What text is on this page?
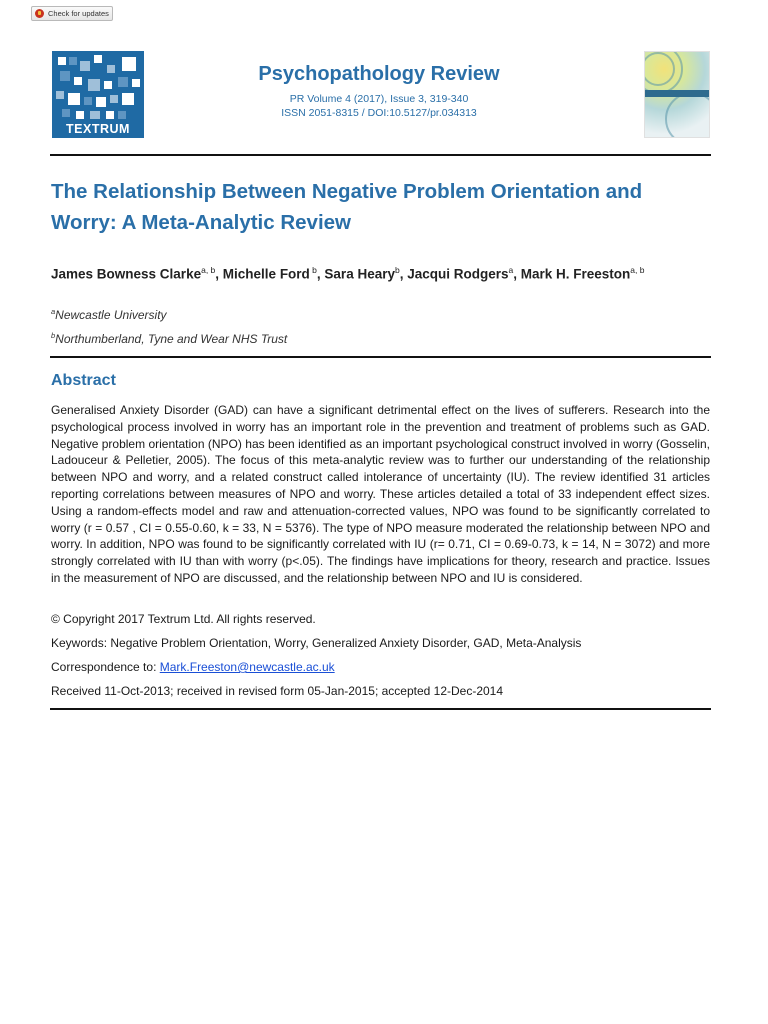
Check for updates
TEXTRUM
Psychopathology Review
PR Volume 4 (2017), Issue 3, 319-340
ISSN 2051-8315 / DOI:10.5127/pr.034313
The Relationship Between Negative Problem Orientation and Worry: A Meta-Analytic Review

James Bowness Clarke$^{a, b}$, Michelle Ford $^b$, Sara Heary$^b$, Jacqui Rodgers$^a$, Mark H. Freeston$^{a, b}$

$^a$Newcastle University

$^b$Northumberland, Tyne and Wear NHS Trust

Abstract

Generalised Anxiety Disorder (GAD) can have a significant detrimental effect on the lives of sufferers. Research into the psychological process involved in worry has an important role in the prevention and treatment of problems such as GAD. Negative problem orientation (NPO) has been identified as an important psychological construct involved in worry (Gosselin, Ladouceur & Pelletier, 2005). The focus of this meta-analytic review was to further our understanding of the relationship between NPO and worry, and a related construct called intolerance of uncertainty (IU). The review identified 31 articles reporting correlations between measures of NPO and worry. These articles detailed a total of 33 independent effect sizes. Using a random-effects model and raw and attenuation-corrected values, NPO was found to be significantly correlated to worry (r = 0.57 , CI = 0.55-0.60, k = 33, N = 5376). The type of NPO measure moderated the relationship between NPO and worry. In addition, NPO was found to be significantly correlated with IU (r= 0.71, CI = 0.69-0.73, k = 14, N = 3072) and more strongly correlated with IU than with worry (p<.05). The findings have implications for theory, research and practice. Issues in the measurement of NPO are discussed, and the relationship between NPO and IU is considered.

© Copyright 2017 Textrum Ltd. All rights reserved.

Keywords: Negative Problem Orientation, Worry, Generalized Anxiety Disorder, GAD, Meta-Analysis

Correspondence to: Mark.Freeston@newcastle.ac.uk

Received 11-Oct-2013; received in revised form 05-Jan-2015; accepted 12-Dec-2014
